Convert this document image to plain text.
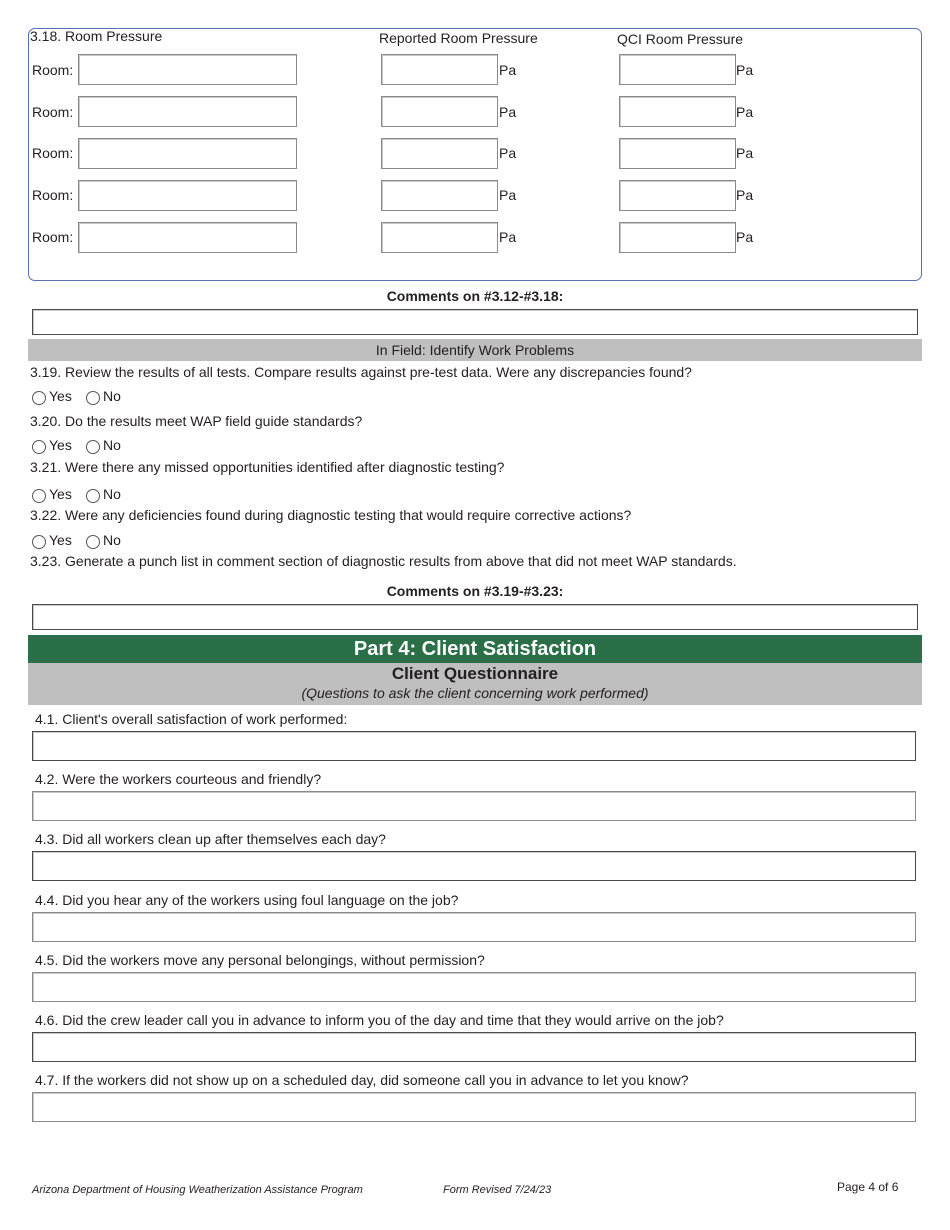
3.18. Room Pressure	Reported Room Pressure	QCI Room Pressure
Room:	Pa	Pa
Room:	Pa	Pa
Room:	Pa	Pa
Room:	Pa	Pa
Room:	Pa	Pa
Comments on #3.12-#3.18:
In Field: Identify Work Problems
3.19. Review the results of all tests. Compare results against pre-test data. Were any discrepancies found?
Yes No
3.20. Do the results meet WAP field guide standards?
Yes No
3.21. Were there any missed opportunities identified after diagnostic testing?
Yes No
3.22. Were any deficiencies found during diagnostic testing that would require corrective actions?
Yes No
3.23. Generate a punch list in comment section of diagnostic results from above that did not meet WAP standards.
Comments on #3.19-#3.23:
Part 4: Client Satisfaction
Client Questionnaire
(Questions to ask the client concerning work performed)
4.1. Client's overall satisfaction of work performed:
4.2. Were the workers courteous and friendly?
4.3. Did all workers clean up after themselves each day?
4.4. Did you hear any of the workers using foul language on the job?
4.5. Did the workers move any personal belongings, without permission?
4.6. Did the crew leader call you in advance to inform you of the day and time that they would arrive on the job?
4.7. If the workers did not show up on a scheduled day, did someone call you in advance to let you know?
Arizona Department of Housing Weatherization Assistance Program	Form Revised 7/24/23	Page 4 of 6
